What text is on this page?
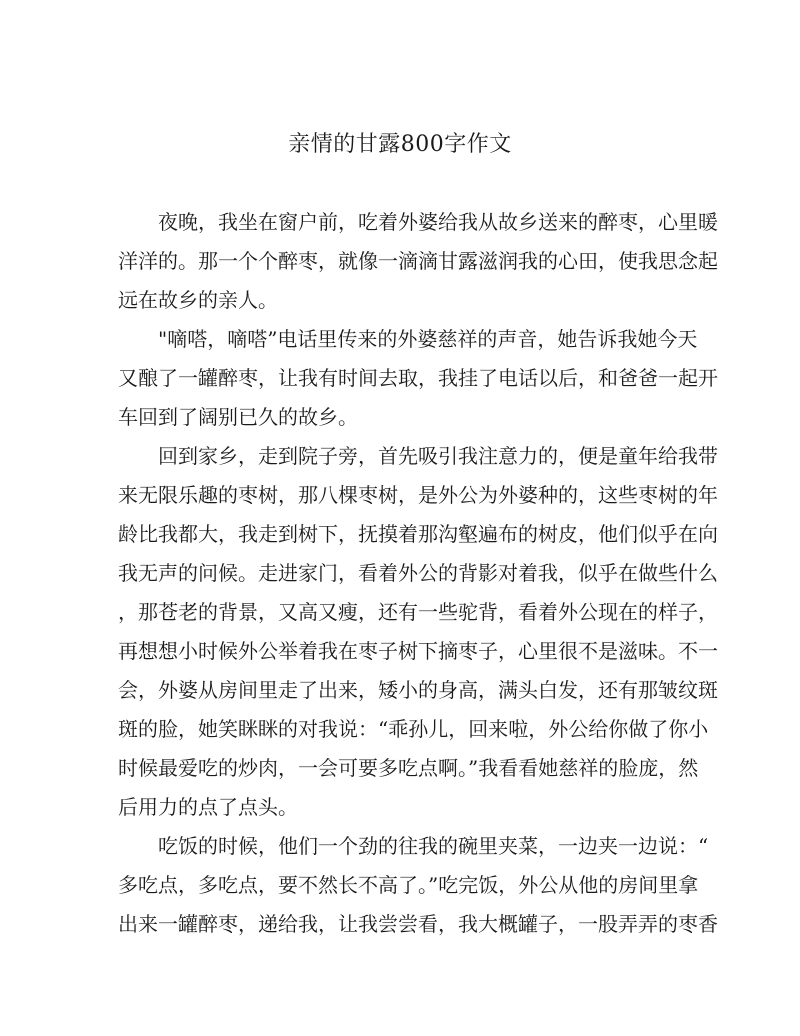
亲情的甘露800字作文
　　夜晚，我坐在窗户前，吃着外婆给我从故乡送来的醉枣，心里暖
洋洋的。那一个个醉枣，就像一滴滴甘露滋润我的心田，使我思念起
远在故乡的亲人。
　　"嘀嗒，嘀嗒”电话里传来的外婆慈祥的声音，她告诉我她今天
又酿了一罐醉枣，让我有时间去取，我挂了电话以后，和爸爸一起开
车回到了阔别已久的故乡。
　　回到家乡，走到院子旁，首先吸引我注意力的，便是童年给我带
来无限乐趣的枣树，那八棵枣树，是外公为外婆种的，这些枣树的年
龄比我都大，我走到树下，抚摸着那沟壑遍布的树皮，他们似乎在向
我无声的问候。走进家门，看着外公的背影对着我，似乎在做些什么
，那苍老的背景，又高又瘦，还有一些驼背，看着外公现在的样子，
再想想小时候外公举着我在枣子树下摘枣子，心里很不是滋味。不一
会，外婆从房间里走了出来，矮小的身高，满头白发，还有那皱纹斑
斑的脸，她笑眯眯的对我说：“乖孙儿，回来啦，外公给你做了你小
时候最爱吃的炒肉，一会可要多吃点啊。”我看看她慈祥的脸庞，然
后用力的点了点头。
　　吃饭的时候，他们一个劲的往我的碗里夹菜，一边夹一边说：“
多吃点，多吃点，要不然长不高了。”吃完饭，外公从他的房间里拿
出来一罐醉枣，递给我，让我尝尝看，我大概罐子，一股弄弄的枣香
